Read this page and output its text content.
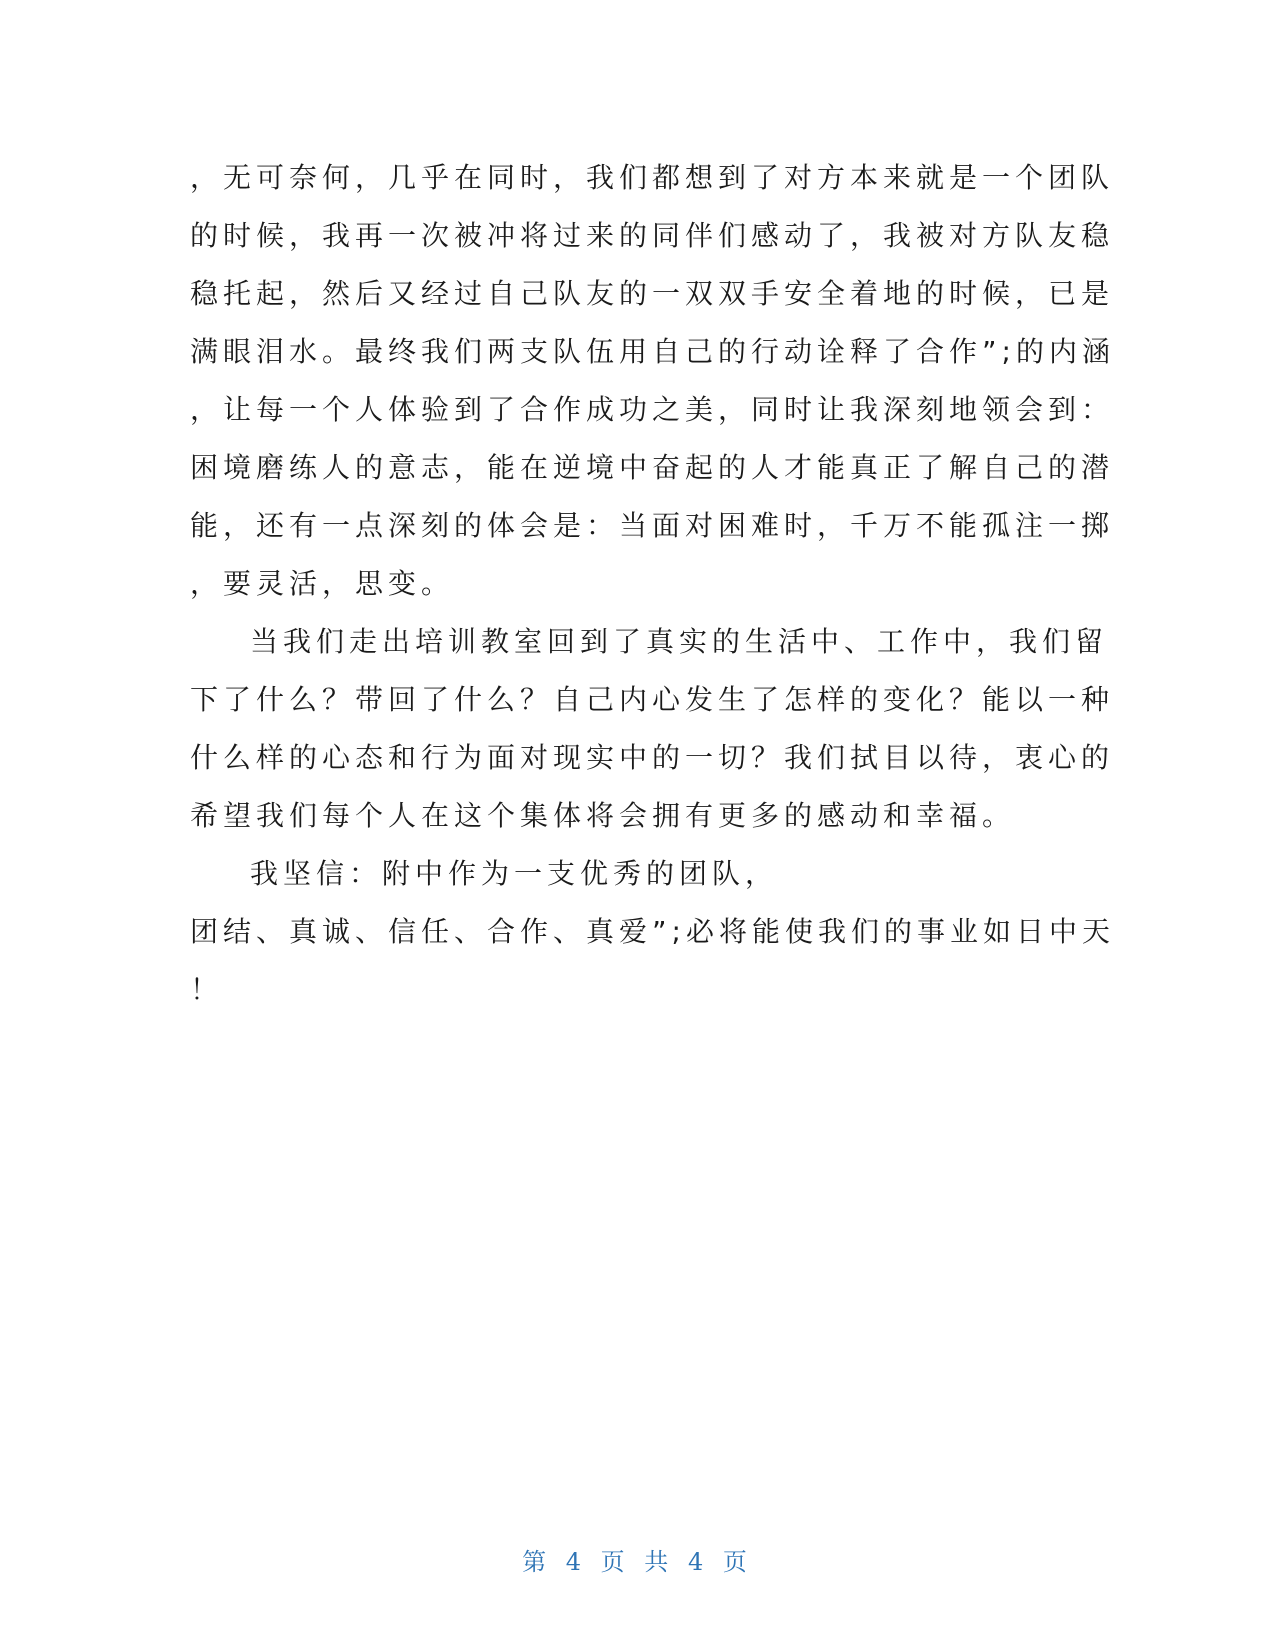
，无可奈何，几乎在同时，我们都想到了对方本来就是一个团队
的时候，我再一次被冲将过来的同伴们感动了，我被对方队友稳
稳托起，然后又经过自己队友的一双双手安全着地的时候，已是
满眼泪水。最终我们两支队伍用自己的行动诠释了合作”;的内涵
，让每一个人体验到了合作成功之美，同时让我深刻地领会到：
困境磨练人的意志，能在逆境中奋起的人才能真正了解自己的潜
能，还有一点深刻的体会是：当面对困难时，千万不能孤注一掷
，要灵活，思变。
当我们走出培训教室回到了真实的生活中、工作中，我们留
下了什么？带回了什么？自己内心发生了怎样的变化？能以一种
什么样的心态和行为面对现实中的一切？我们拭目以待，衷心的
希望我们每个人在这个集体将会拥有更多的感动和幸福。
我坚信：附中作为一支优秀的团队，
团结、真诚、信任、合作、真爱”;必将能使我们的事业如日中天
！
第 4 页 共 4 页
